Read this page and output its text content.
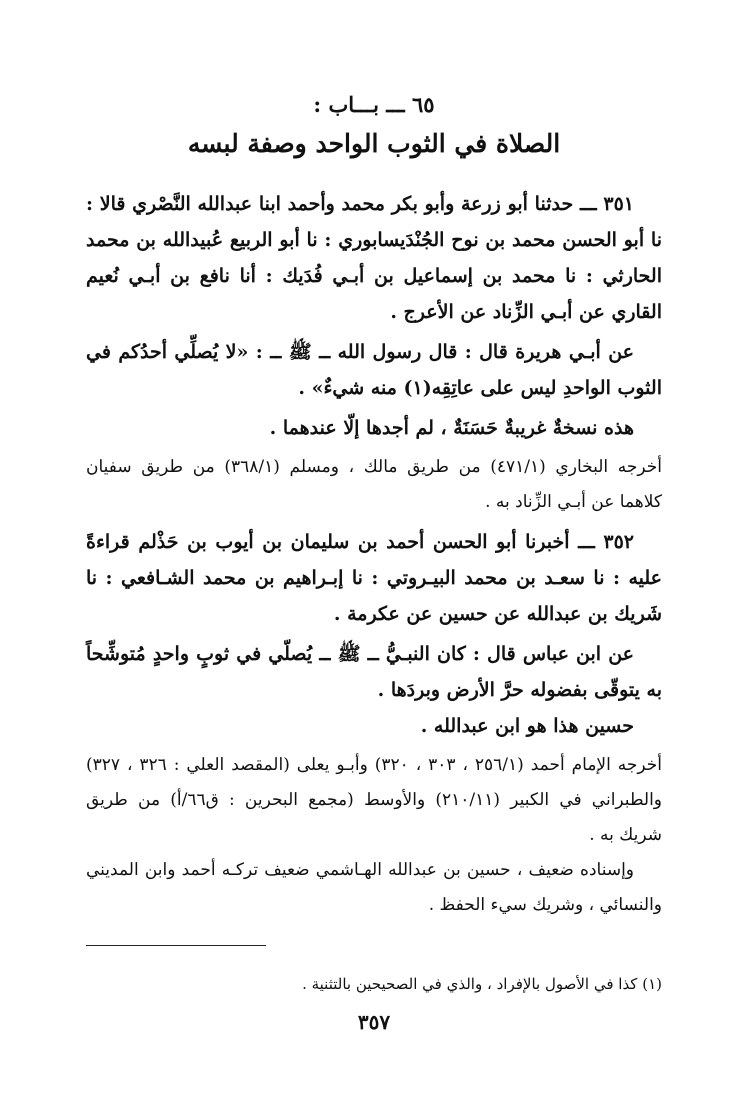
٦٥ ـــ بـــاب :

الصلاة في الثوب الواحد وصفة لبسه

٣٥١ ـــ حدثنا أبو زرعة وأبو بكر محمد وأحمد ابنا عبدالله النَّصْري قالا : نا أبو الحسن محمد بن نوح الجُنْدَيسابوري : نا أبو الربيع عُبيدالله بن محمد الحارثي : نا محمد بن إسماعيل بن أبـي فُدَيك : أنا نافع بن أبـي نُعيم القاري عن أبـي الزِّناد عن الأعرج .

عن أبـي هريرة قال : قال رسول الله ــ ﷺ ــ : «لا يُصلِّي أحدُكم في الثوب الواحدِ ليس على عاتِقِه(١) منه شيءٌ» .

هذه نسخةٌ غريبةٌ حَسَنَةٌ ، لم أجدها إلّا عندهما .

أخرجه البخاري (٤٧١/١) من طريق مالك ، ومسلم (٣٦٨/١) من طريق سفيان كلاهما عن أبـي الزِّناد به .

٣٥٢ ـــ أخبرنا أبو الحسن أحمد بن سليمان بن أيوب بن حَذْلم قراءةً عليه : نا سعـد بن محمد البيـروتي : نا إبـراهيم بن محمد الشـافعي : نا شَريك بن عبدالله عن حسين عن عكرمة .

عن ابن عباس قال : كان النبـيُّ ــ ﷺ ــ يُصلّي في ثوبٍ واحدٍ مُتوشِّحاً به يتوقّى بفضوله حرَّ الأرض وبردَها .

حسين هذا هو ابن عبدالله .

أخرجه الإمام أحمد (٢٥٦/١ ، ٣٠٣ ، ٣٢٠) وأبـو يعلى (المقصد العلي : ٣٢٦ ، ٣٢٧) والطبراني في الكبير (٢١٠/١١) والأوسط (مجمع البحرين : ق٦٦/أ) من طريق شريك به .

وإسناده ضعيف ، حسين بن عبدالله الهـاشمي ضعيف تركـه أحمد وابن المديني والنسائي ، وشريك سيء الحفظ .

(١) كذا في الأصول بالإفراد ، والذي في الصحيحين بالتثنية .

٣٥٧
